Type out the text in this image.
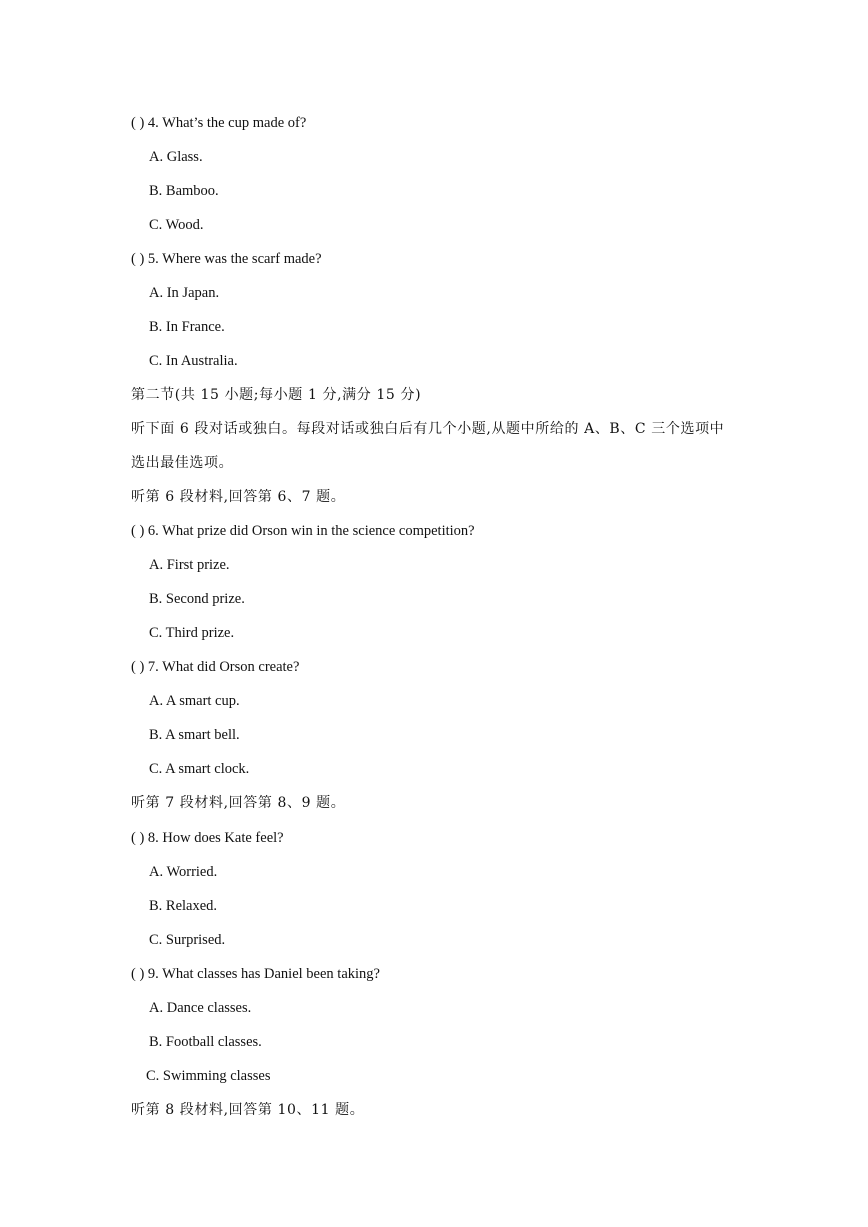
( ) 4. What’s the cup made of?
A. Glass.
B. Bamboo.
C. Wood.
( ) 5. Where was the scarf made?
A. In Japan.
B. In France.
C. In Australia.
第二节(共 15 小题;每小题 1 分,满分 15 分)
听下面 6 段对话或独白。每段对话或独白后有几个小题,从题中所给的 A、B、C 三个选项中
选出最佳选项。
听第 6 段材料,回答第 6、7 题。
( ) 6. What prize did Orson win in the science competition?
A. First prize.
B. Second prize.
C. Third prize.
( ) 7. What did Orson create?
A. A smart cup.
B. A smart bell.
C. A smart clock.
听第 7 段材料,回答第 8、9 题。
( ) 8. How does Kate feel?
A. Worried.
B. Relaxed.
C. Surprised.
( ) 9. What classes has Daniel been taking?
A. Dance classes.
B. Football classes.
C. Swimming classes
听第 8 段材料,回答第 10、11 题。
